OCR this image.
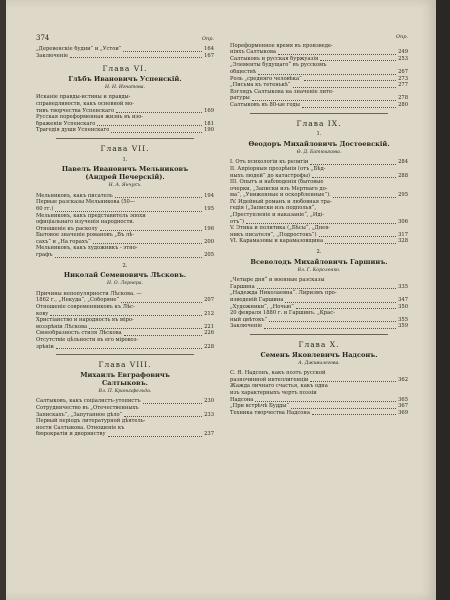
374	Опр.
„Деревенскіе будни“ и „Устои“	164
Заключеніе	167
Глава VI.
Глѣбъ Ивановичъ Успенскій.
Н. Н. Игнатова.
Исканіе правды-истины и правды-
справедливости, какъ основной мо-
тивъ творчества Успенскаго	169
Русская пореформенная жизнь въ изо-
браженіи Успенскаго	181
Трагедія души Успенскаго	190
Глава VII.
1.
Павелъ Ивановичъ Мельниковъ
(Андрей Печерскій).
Н. А. Янчукъ.
Мельниковъ, какъ писатель	194
Первые разсказы Мельникова (50—
60 гг.)	195
Мельниковъ, какъ представитель эпохи
офиціальнаго изученія народности.
Отношеніе къ расколу	196
Бытовое значеніе романовъ „Въ лѣ-
сахъ“ и „На горахъ“	200
Мельниковъ, какъ художникъ - этно-
графъ	205
2.
Николай Семеновичъ Лѣсковъ.
Н. О. Лернера.
Причины непопулярности Лѣскова. —
1862 г., „Некуда“, „Соборяне“	207
Отношеніе современниковъ къ Лѣс-
кову	212
Христіанство и народность въ міро-
воззрѣніи Лѣскова	221
Своеобразность стиля Лѣскова	226
Отсутствіе цѣльности въ его міровоз-
зрѣніи	228
Глава VIII.
Михаилъ Евграфовичъ
Салтыковъ.
Вл. П. Кранихфельда.
Салтыковъ, какъ соціалистъ-утопистъ	230
Сотрудничество въ „Отечественныхъ
Запискахъ“, „Запутанное дѣло“	233
Первый періодъ литературной дѣятель-
ности Салтыкова. Отношеніе къ
бюрократіи и дворянству	237
Опр.
Пореформенное время въ произведе-
ніяхъ Салтыкова	249
Салтыковъ и русская буржуазія	253
„Элементы будущаго“ въ русскомъ
обществѣ	267
Роль „средняго человѣка“	273
„Письма къ тетенькѣ“	277
Взглядъ Салтыкова на значеніе лите-
ратуры	278
Салтыковъ въ 80-ые годы	280
Глава IX.
1.
Ѳеодоръ Михайловичъ Достоевскій.
Ѳ. Д. Батюшкова.
I. Отъ психологіи къ религіи	284
II. Апріорныя прозрѣнія (отъ „Бѣд-
ныхъ людей“ до катастрофы)	288
III. Опытъ и наблюденія (бытовые
очерки, „Записки изъ Мертваго до-
ма“, „Униженные и оскорбленные“).	295
IV. Идейный романъ и любовная тра-
гедія („Записки изъ подполья“,
„Преступленіе и наказаніе“, „Иді-
отъ“)	306
V. Этика и политика („Бѣсы“, „Днев-
никъ писателя“, „Подростокъ“)	317
VI. Карамазовы и карамазовщина	328
2.
Всеволодъ Михайловичъ Гаршинъ.
Вл. Г. Короленко.
„Четыре дня“ и военные разсказы
Гаршина	335
„Надежда Николаевна“. Лиризмъ про-
изведеній Гаршина	347
„Художники“, „Ночью“	350
20 февраля 1880 г. и Гаршинъ. „Крас-
ный цвѣтокъ“	355
Заключеніе	359
Глава X.
Семенъ Яковлевичъ Надсонъ.
А. Дживилегова.
С. Я. Надсонъ, какъ поэтъ русской
разночинной интеллигенціи	362
Жажда личнаго счастья, какъ одна
изъ характерныхъ чертъ поэзіи
Надсона	365
„При встрѣчѣ Будды“	367
Техника творчества Надсона	369
